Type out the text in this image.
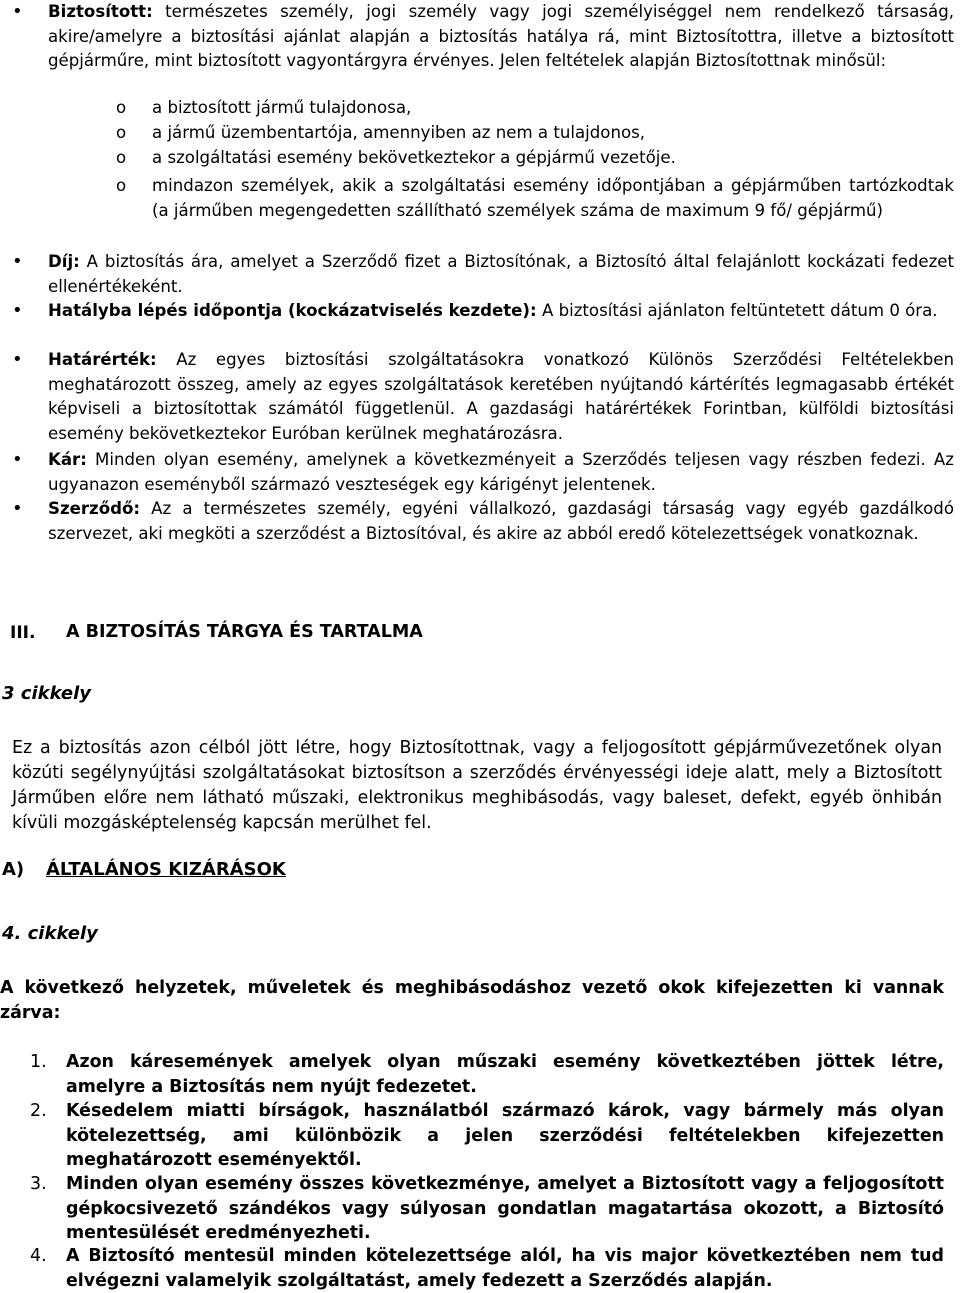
•	Biztosított: természetes személy, jogi személy vagy jogi személyiséggel nem rendelkező társaság, akire/amelyre a biztosítási ajánlat alapján a biztosítás hatálya rá, mint Biztosítottra, illetve a biztosított gépjárműre, mint biztosított vagyontárgyra érvényes. Jelen feltételek alapján Biztosítottnak minősül:
o a biztosított jármű tulajdonosa,
o a jármű üzembentartója, amennyiben az nem a tulajdonos,
o a szolgáltatási esemény bekövetkeztekor a gépjármű vezetője.
o mindazon személyek, akik a szolgáltatási esemény időpontjában a gépjárműben tartózkodtak (a járműben megengedetten szállítható személyek száma de maximum 9 fő/ gépjármű)
•	Díj: A biztosítás ára, amelyet a Szerződő fizet a Biztosítónak, a Biztosító által felajánlott kockázati fedezet ellenértékeként.
•	Hatályba lépés időpontja (kockázatviselés kezdete): A biztosítási ajánlaton feltüntetett dátum 0 óra.
•	Határérték: Az egyes biztosítási szolgáltatásokra vonatkozó Különös Szerződési Feltételekben meghatározott összeg, amely az egyes szolgáltatások keretében nyújtandó kártérítés legmagasabb értékét képviseli a biztosítottak számától függetlenül. A gazdasági határértékek Forintban, külföldi biztosítási esemény bekövetkeztekor Euróban kerülnek meghatározásra.
•	Kár: Minden olyan esemény, amelynek a következményeit a Szerződés teljesen vagy részben fedezi. Az ugyanazon eseményből származó veszteségek egy kárigényt jelentenek.
•	Szerződő: Az a természetes személy, egyéni vállalkozó, gazdasági társaság vagy egyéb gazdálkodó szervezet, aki megköti a szerződést a Biztosítóval, és akire az abból eredő kötelezettségek vonatkoznak.
III. A BIZTOSÍTÁS TÁRGYA ÉS TARTALMA
3 cikkely
Ez a biztosítás azon célból jött létre, hogy Biztosítottnak, vagy a feljogosított gépjárművezetőnek olyan közúti segélynyújtási szolgáltatásokat biztosítson a szerződés érvényességi ideje alatt, mely a Biztosított Járműben előre nem látható műszaki, elektronikus meghibásodás, vagy baleset, defekt, egyéb önhibán kívüli mozgásképtelenség kapcsán merülhet fel.
A) ÁLTALÁNOS KIZÁRÁSOK
4. cikkely
A következő helyzetek, műveletek és meghibásodáshoz vezető okok kifejezetten ki vannak zárva:
1. Azon káresemények amelyek olyan műszaki esemény következtében jöttek létre, amelyre a Biztosítás nem nyújt fedezetet.
2. Késedelem miatti bírságok, használatból származó károk, vagy bármely más olyan kötelezettség, ami különbözik a jelen szerződési feltételekben kifejezetten meghatározott eseményektől.
3. Minden olyan esemény összes következménye, amelyet a Biztosított vagy a feljogosított gépkocsivezető szándékos vagy súlyosan gondatlan magatartása okozott, a Biztosító mentesülését eredményezheti.
4. A Biztosító mentesül minden kötelezettsége alól, ha vis major következtében nem tud elvégezni valamelyik szolgáltatást, amely fedezett a Szerződés alapján.
